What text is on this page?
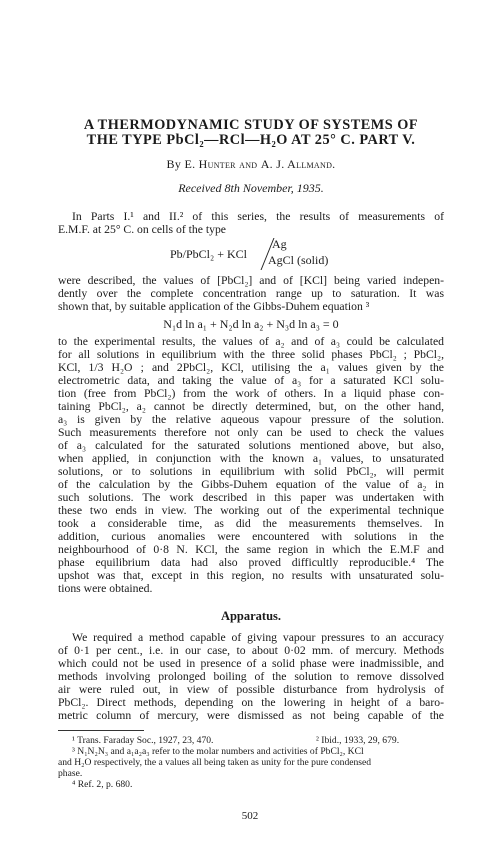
A THERMODYNAMIC STUDY OF SYSTEMS OF
THE TYPE PbCl₂—RCl—H₂O AT 25° C. PART V.
By E. Hunter and A. J. Allmand.
Received 8th November, 1935.
In Parts I.¹ and II.² of this series, the results of measurements of
E.M.F. at 25° C. on cells of the type
Pb/PbCl₂ + KCl
Ag
AgCl (solid)
were described, the values of [PbCl₂] and of [KCl] being varied indepen-
dently over the complete concentration range up to saturation. It was
shown that, by suitable application of the Gibbs-Duhem equation ³
N₁d ln a₁ + N₂d ln a₂ + N₃d ln a₃ = 0
to the experimental results, the values of a₂ and of a₃ could be calculated
for all solutions in equilibrium with the three solid phases PbCl₂ ; PbCl₂,
KCl, 1/3 H₂O ; and 2PbCl₂, KCl, utilising the a₁ values given by the
electrometric data, and taking the value of a₃ for a saturated KCl solu-
tion (free from PbCl₂) from the work of others. In a liquid phase con-
taining PbCl₂, a₂ cannot be directly determined, but, on the other hand,
a₃ is given by the relative aqueous vapour pressure of the solution.
Such measurements therefore not only can be used to check the values
of a₃ calculated for the saturated solutions mentioned above, but also,
when applied, in conjunction with the known a₁ values, to unsaturated
solutions, or to solutions in equilibrium with solid PbCl₂, will permit
of the calculation by the Gibbs-Duhem equation of the value of a₂ in
such solutions. The work described in this paper was undertaken with
these two ends in view. The working out of the experimental technique
took a considerable time, as did the measurements themselves. In
addition, curious anomalies were encountered with solutions in the
neighbourhood of 0·8 N. KCl, the same region in which the E.M.F and
phase equilibrium data had also proved difficultly reproducible.⁴ The
upshot was that, except in this region, no results with unsaturated solu-
tions were obtained.
Apparatus.
We required a method capable of giving vapour pressures to an accuracy
of 0·1 per cent., i.e. in our case, to about 0·02 mm. of mercury. Methods
which could not be used in presence of a solid phase were inadmissible, and
methods involving prolonged boiling of the solution to remove dissolved
air were ruled out, in view of possible disturbance from hydrolysis of
PbCl₂. Direct methods, depending on the lowering in height of a baro-
metric column of mercury, were dismissed as not being capable of the
¹ Trans. Faraday Soc., 1927, 23, 470.	² Ibid., 1933, 29, 679.
³ N₁N₂N₃ and a₁a₂a₃ refer to the molar numbers and activities of PbCl₂, KCl
and H₂O respectively, the a values all being taken as unity for the pure condensed
phase.
⁴ Ref. 2, p. 680.
502
